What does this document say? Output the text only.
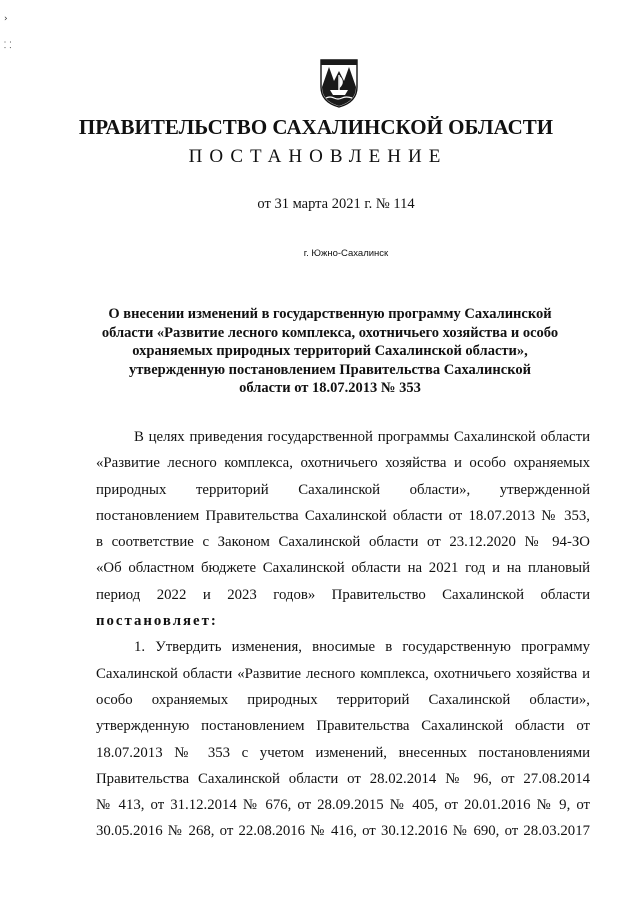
›
⸬
ПРАВИТЕЛЬСТВО САХАЛИНСКОЙ ОБЛАСТИ
ПОСТАНОВЛЕНИЕ
от 31 марта 2021 г. № 114
г. Южно-Сахалинск
О внесении изменений в государственную программу Сахалинской
области «Развитие лесного комплекса, охотничьего хозяйства и особо
охраняемых природных территорий Сахалинской области»,
утвержденную постановлением Правительства Сахалинской
области от 18.07.2013 № 353
В целях приведения государственной программы Сахалинской области
«Развитие лесного комплекса, охотничьего хозяйства и особо охраняемых
природных территорий Сахалинской области», утвержденной
постановлением Правительства Сахалинской области от 18.07.2013 № 353,
в соответствие с Законом Сахалинской области от 23.12.2020 № 94-ЗО
«Об областном бюджете Сахалинской области на 2021 год и на плановый
период 2022 и 2023 годов» Правительство Сахалинской области
постановляет:
1. Утвердить изменения, вносимые в государственную программу
Сахалинской области «Развитие лесного комплекса, охотничьего хозяйства и
особо охраняемых природных территорий Сахалинской области»,
утвержденную постановлением Правительства Сахалинской области от
18.07.2013 № 353 с учетом изменений, внесенных постановлениями
Правительства Сахалинской области от 28.02.2014 № 96, от 27.08.2014
№ 413, от 31.12.2014 № 676, от 28.09.2015 № 405, от 20.01.2016 № 9, от
30.05.2016 № 268, от 22.08.2016 № 416, от 30.12.2016 № 690, от 28.03.2017
